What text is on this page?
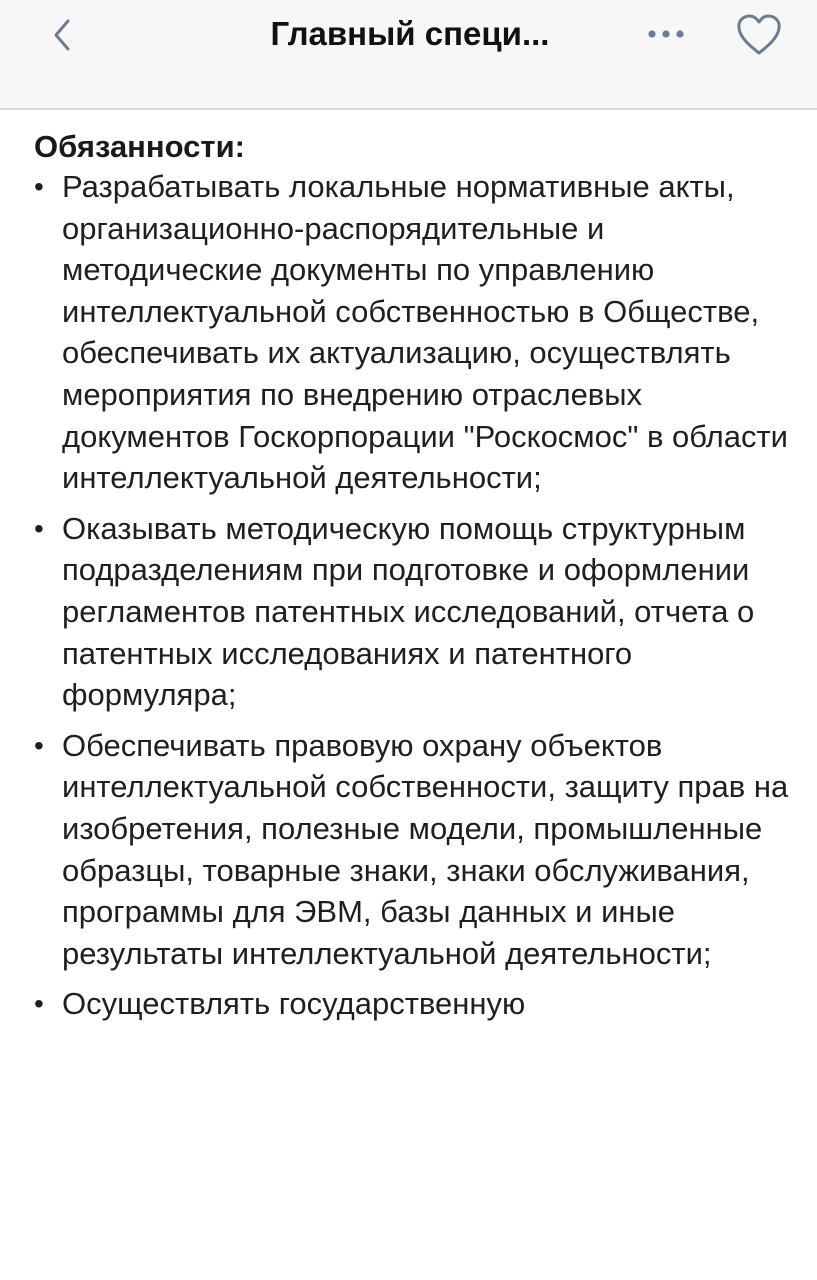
Главный специ...
Обязанности:
• Разрабатывать локальные нормативные акты, организационно-распорядительные и методические документы по управлению интеллектуальной собственностью в Обществе, обеспечивать их актуализацию, осуществлять мероприятия по внедрению отраслевых документов Госкорпорации "Роскосмос" в области интеллектуальной деятельности;
• Оказывать методическую помощь структурным подразделениям при подготовке и оформлении регламентов патентных исследований, отчета о патентных исследованиях и патентного формуляра;
• Обеспечивать правовую охрану объектов интеллектуальной собственности, защиту прав на изобретения, полезные модели, промышленные образцы, товарные знаки, знаки обслуживания, программы для ЭВМ, базы данных и иные результаты интеллектуальной деятельности;
• Осуществлять государственную
